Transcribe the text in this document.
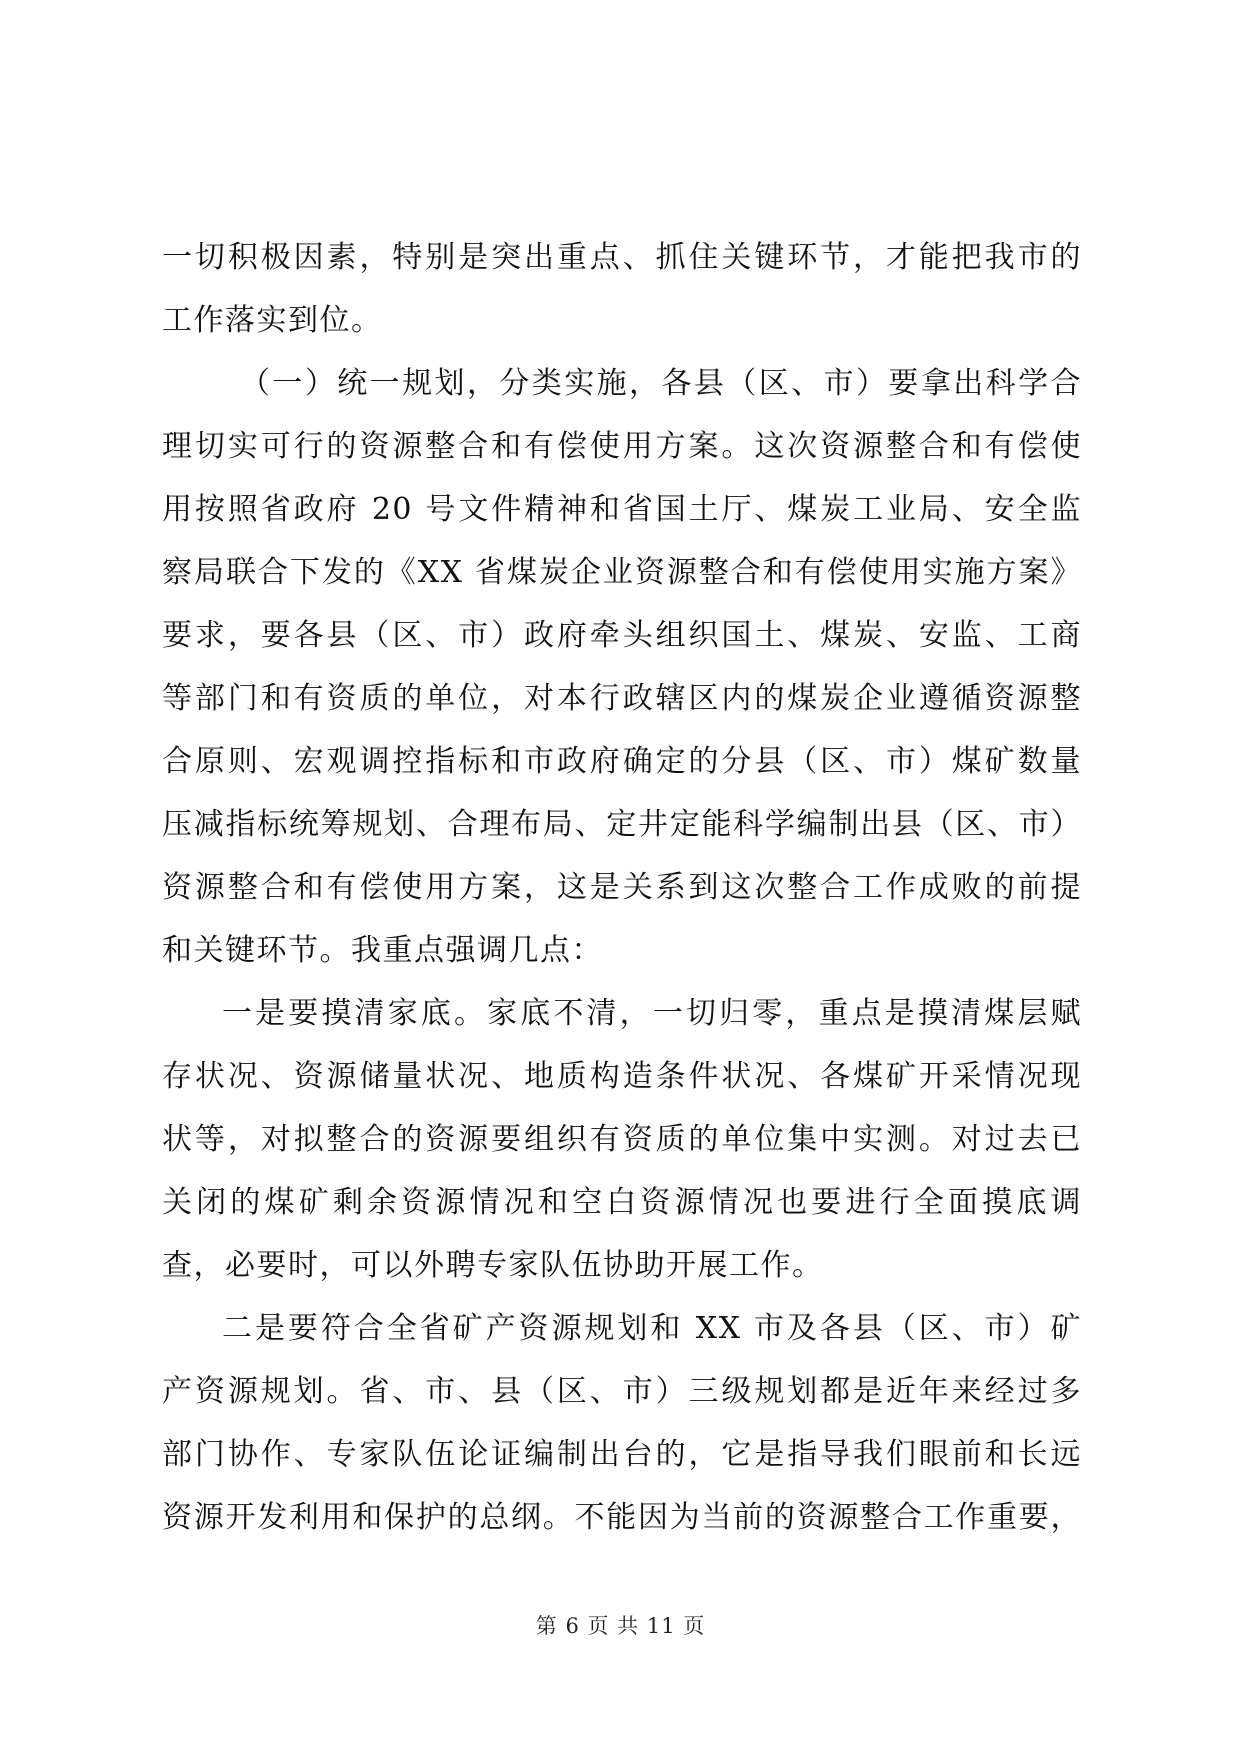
一切积极因素，特别是突出重点、抓住关键环节，才能把我市的
工作落实到位。
（一）统一规划，分类实施，各县（区、市）要拿出科学合
理切实可行的资源整合和有偿使用方案。这次资源整合和有偿使
用按照省政府 20 号文件精神和省国土厅、煤炭工业局、安全监
察局联合下发的《XX 省煤炭企业资源整合和有偿使用实施方案》
要求，要各县（区、市）政府牵头组织国土、煤炭、安监、工商
等部门和有资质的单位，对本行政辖区内的煤炭企业遵循资源整
合原则、宏观调控指标和市政府确定的分县（区、市）煤矿数量
压减指标统筹规划、合理布局、定井定能科学编制出县（区、市）
资源整合和有偿使用方案，这是关系到这次整合工作成败的前提
和关键环节。我重点强调几点：
一是要摸清家底。家底不清，一切归零，重点是摸清煤层赋
存状况、资源储量状况、地质构造条件状况、各煤矿开采情况现
状等，对拟整合的资源要组织有资质的单位集中实测。对过去已
关闭的煤矿剩余资源情况和空白资源情况也要进行全面摸底调
查，必要时，可以外聘专家队伍协助开展工作。
二是要符合全省矿产资源规划和 XX 市及各县（区、市）矿
产资源规划。省、市、县（区、市）三级规划都是近年来经过多
部门协作、专家队伍论证编制出台的，它是指导我们眼前和长远
资源开发利用和保护的总纲。不能因为当前的资源整合工作重要，
第 6 页 共 11 页
